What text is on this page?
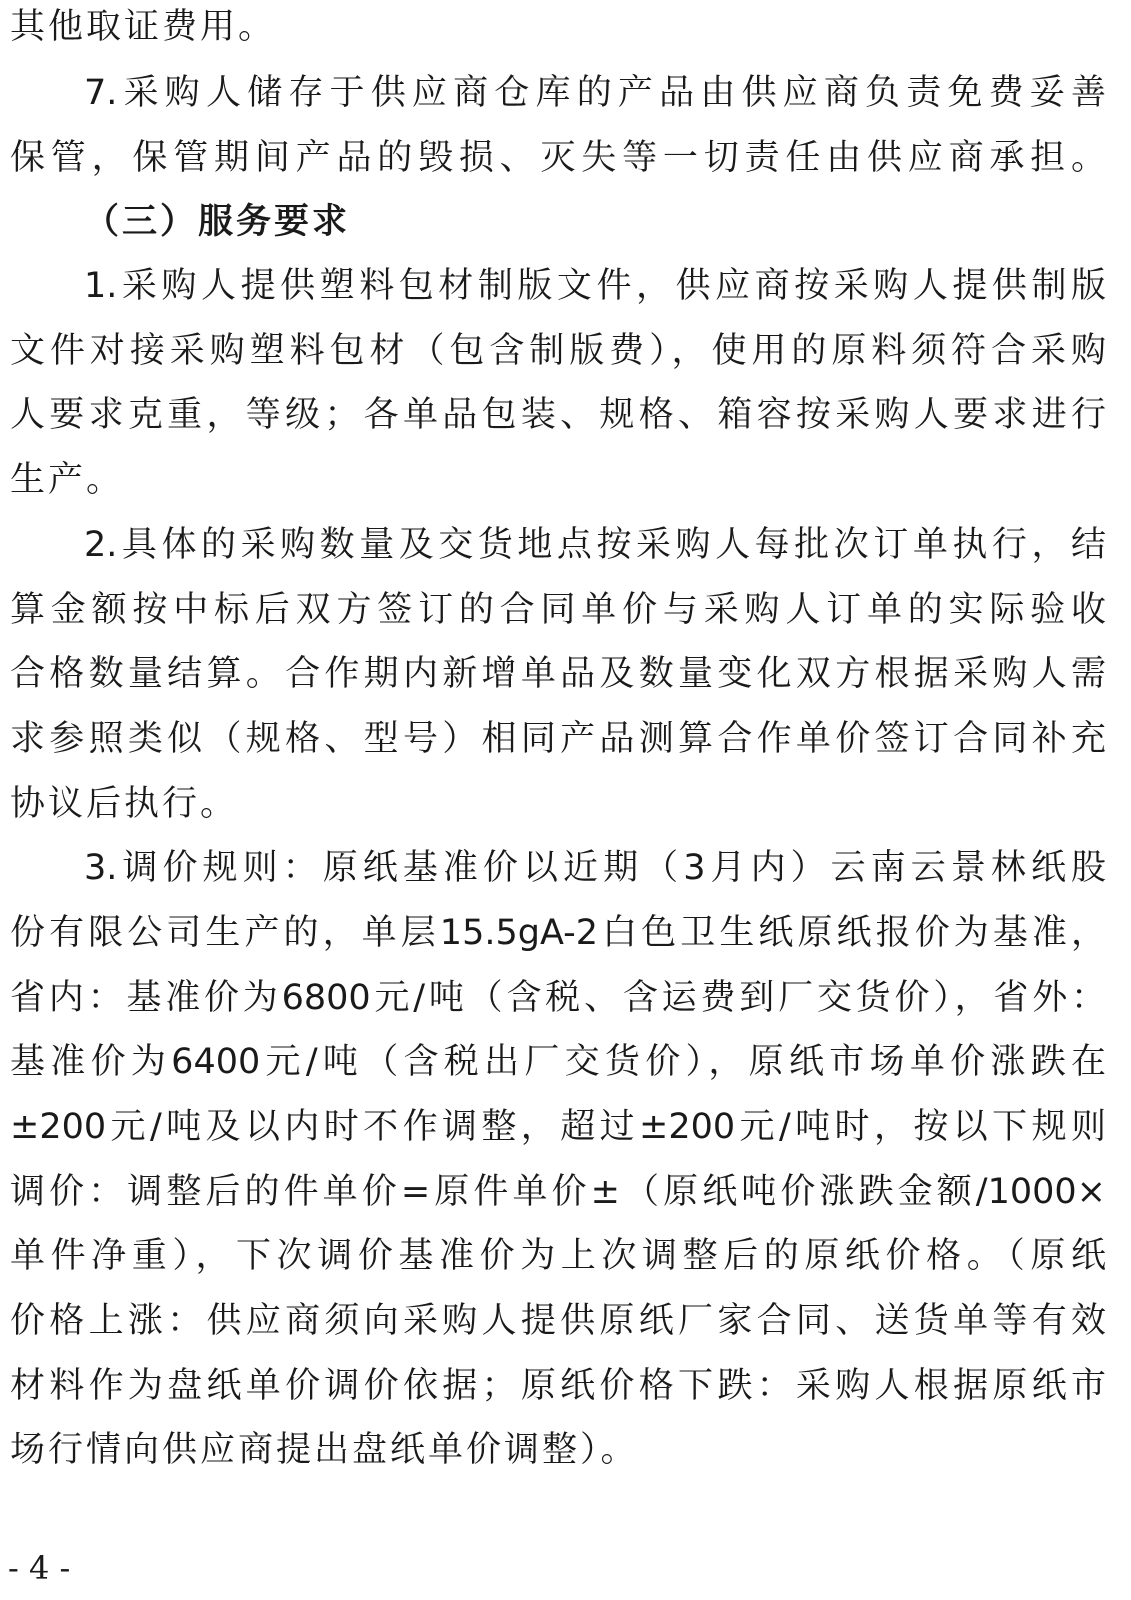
其他取证费用。
7.采购人储存于供应商仓库的产品由供应商负责免费妥善
保管，保管期间产品的毁损、灭失等一切责任由供应商承担。
（三）服务要求
1.采购人提供塑料包材制版文件，供应商按采购人提供制版
文件对接采购塑料包材（包含制版费），使用的原料须符合采购
人要求克重，等级；各单品包装、规格、箱容按采购人要求进行
生产。
2.具体的采购数量及交货地点按采购人每批次订单执行，结
算金额按中标后双方签订的合同单价与采购人订单的实际验收
合格数量结算。合作期内新增单品及数量变化双方根据采购人需
求参照类似（规格、型号）相同产品测算合作单价签订合同补充
协议后执行。
3.调价规则：原纸基准价以近期（3月内）云南云景林纸股
份有限公司生产的，单层15.5gA-2白色卫生纸原纸报价为基准，
省内：基准价为6800元/吨（含税、含运费到厂交货价），省外：
基准价为6400元/吨（含税出厂交货价），原纸市场单价涨跌在
±200元/吨及以内时不作调整，超过±200元/吨时，按以下规则
调价：调整后的件单价=原件单价±（原纸吨价涨跌金额/1000×
单件净重），下次调价基准价为上次调整后的原纸价格。（原纸
价格上涨：供应商须向采购人提供原纸厂家合同、送货单等有效
材料作为盘纸单价调价依据；原纸价格下跌：采购人根据原纸市
场行情向供应商提出盘纸单价调整）。
- 4 -
